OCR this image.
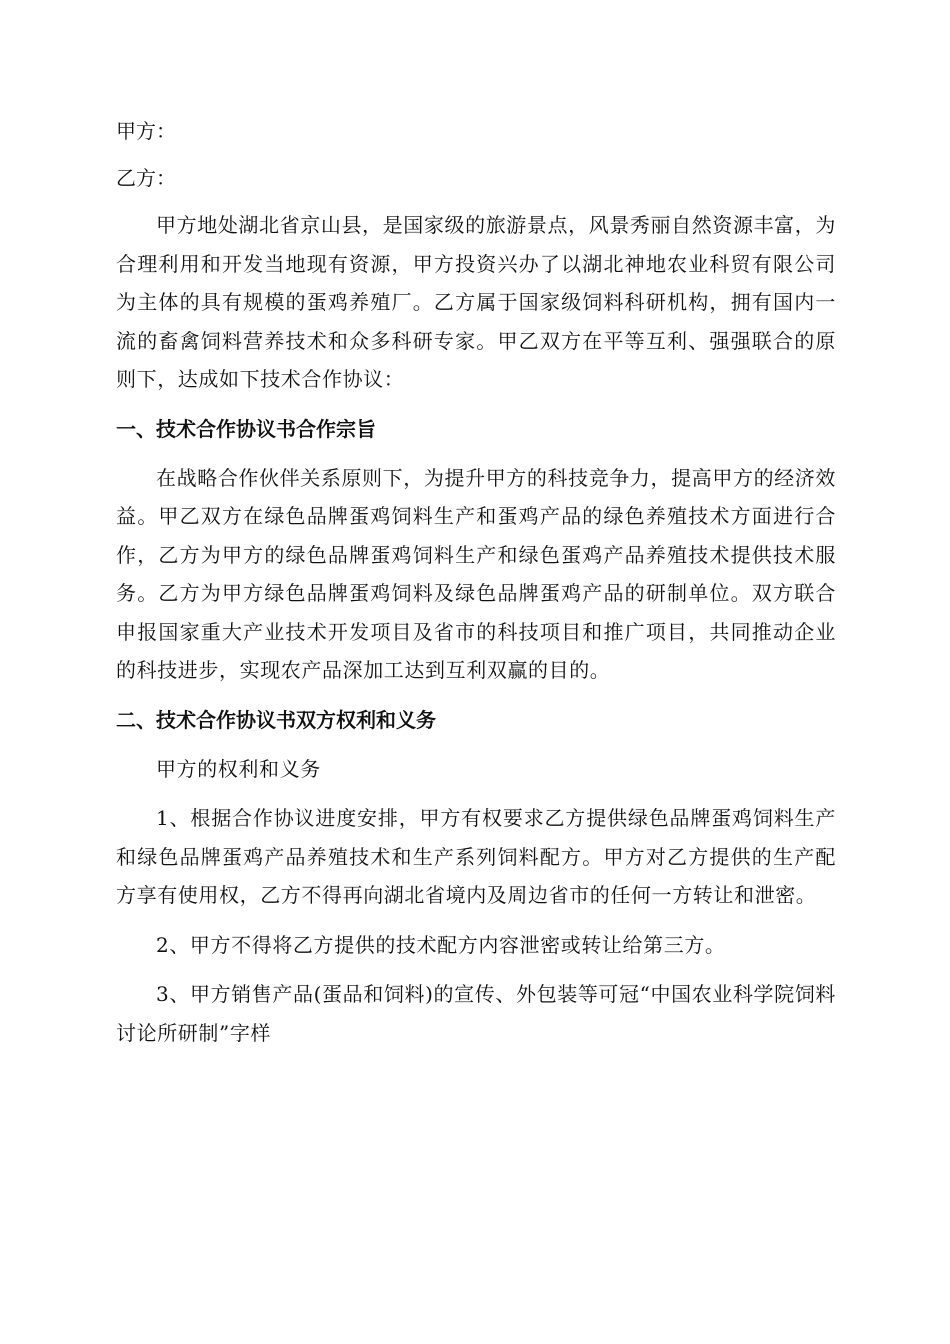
甲方：

乙方：

甲方地处湖北省京山县，是国家级的旅游景点，风景秀丽自然资源丰富，为合理利用和开发当地现有资源，甲方投资兴办了以湖北神地农业科贸有限公司为主体的具有规模的蛋鸡养殖厂。乙方属于国家级饲料科研机构，拥有国内一流的畜禽饲料营养技术和众多科研专家。甲乙双方在平等互利、强强联合的原则下，达成如下技术合作协议：

一、技术合作协议书合作宗旨

在战略合作伙伴关系原则下，为提升甲方的科技竞争力，提高甲方的经济效益。甲乙双方在绿色品牌蛋鸡饲料生产和蛋鸡产品的绿色养殖技术方面进行合作，乙方为甲方的绿色品牌蛋鸡饲料生产和绿色蛋鸡产品养殖技术提供技术服务。乙方为甲方绿色品牌蛋鸡饲料及绿色品牌蛋鸡产品的研制单位。双方联合申报国家重大产业技术开发项目及省市的科技项目和推广项目，共同推动企业的科技进步，实现农产品深加工达到互利双赢的目的。

二、技术合作协议书双方权利和义务

甲方的权利和义务

1、根据合作协议进度安排，甲方有权要求乙方提供绿色品牌蛋鸡饲料生产和绿色品牌蛋鸡产品养殖技术和生产系列饲料配方。甲方对乙方提供的生产配方享有使用权，乙方不得再向湖北省境内及周边省市的任何一方转让和泄密。

2、甲方不得将乙方提供的技术配方内容泄密或转让给第三方。

3、甲方销售产品(蛋品和饲料)的宣传、外包装等可冠“中国农业科学院饲料讨论所研制”字样
